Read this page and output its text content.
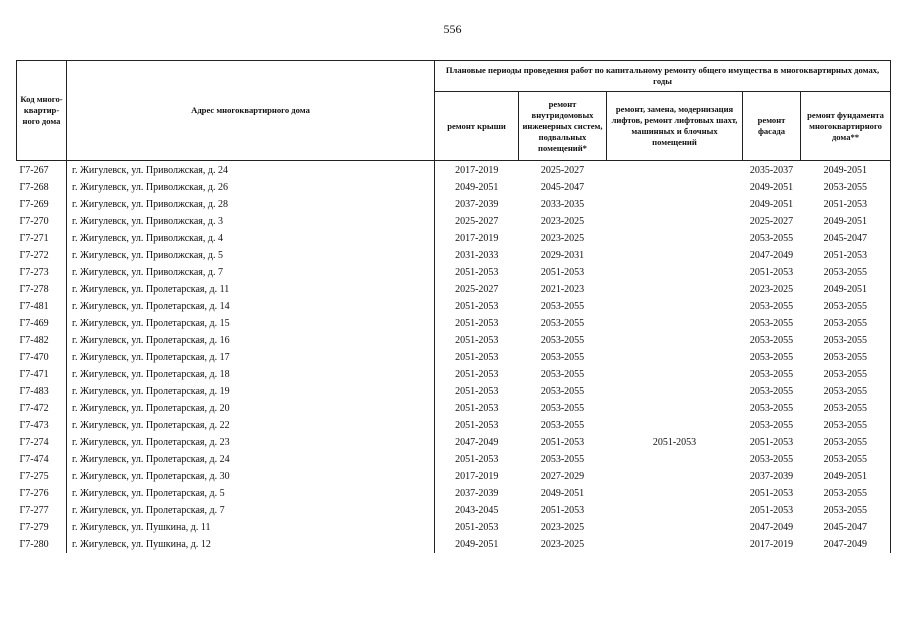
556
Код много-квартир-ного дома	Адрес многоквартирного дома	Плановые периоды проведения работ по капитальному ремонту общего имущества в многоквартирных домах, годы				
		ремонт крыши	ремонт внутридомовых инженерных систем, подвальных помещений*	ремонт, замена, модернизация лифтов, ремонт лифтовых шахт, машинных и блочных помещений	ремонт фасада	ремонт фундамента многоквартирного дома**
Г7-267	г. Жигулевск, ул. Приволжская, д. 24	2017-2019	2025-2027		2035-2037	2049-2051
Г7-268	г. Жигулевск, ул. Приволжская, д. 26	2049-2051	2045-2047		2049-2051	2053-2055
Г7-269	г. Жигулевск, ул. Приволжская, д. 28	2037-2039	2033-2035		2049-2051	2051-2053
Г7-270	г. Жигулевск, ул. Приволжская, д. 3	2025-2027	2023-2025		2025-2027	2049-2051
Г7-271	г. Жигулевск, ул. Приволжская, д. 4	2017-2019	2023-2025		2053-2055	2045-2047
Г7-272	г. Жигулевск, ул. Приволжская, д. 5	2031-2033	2029-2031		2047-2049	2051-2053
Г7-273	г. Жигулевск, ул. Приволжская, д. 7	2051-2053	2051-2053		2051-2053	2053-2055
Г7-278	г. Жигулевск, ул. Пролетарская, д. 11	2025-2027	2021-2023		2023-2025	2049-2051
Г7-481	г. Жигулевск, ул. Пролетарская, д. 14	2051-2053	2053-2055		2053-2055	2053-2055
Г7-469	г. Жигулевск, ул. Пролетарская, д. 15	2051-2053	2053-2055		2053-2055	2053-2055
Г7-482	г. Жигулевск, ул. Пролетарская, д. 16	2051-2053	2053-2055		2053-2055	2053-2055
Г7-470	г. Жигулевск, ул. Пролетарская, д. 17	2051-2053	2053-2055		2053-2055	2053-2055
Г7-471	г. Жигулевск, ул. Пролетарская, д. 18	2051-2053	2053-2055		2053-2055	2053-2055
Г7-483	г. Жигулевск, ул. Пролетарская, д. 19	2051-2053	2053-2055		2053-2055	2053-2055
Г7-472	г. Жигулевск, ул. Пролетарская, д. 20	2051-2053	2053-2055		2053-2055	2053-2055
Г7-473	г. Жигулевск, ул. Пролетарская, д. 22	2051-2053	2053-2055		2053-2055	2053-2055
Г7-274	г. Жигулевск, ул. Пролетарская, д. 23	2047-2049	2051-2053	2051-2053	2051-2053	2053-2055
Г7-474	г. Жигулевск, ул. Пролетарская, д. 24	2051-2053	2053-2055		2053-2055	2053-2055
Г7-275	г. Жигулевск, ул. Пролетарская, д. 30	2017-2019	2027-2029		2037-2039	2049-2051
Г7-276	г. Жигулевск, ул. Пролетарская, д. 5	2037-2039	2049-2051		2051-2053	2053-2055
Г7-277	г. Жигулевск, ул. Пролетарская, д. 7	2043-2045	2051-2053		2051-2053	2053-2055
Г7-279	г. Жигулевск, ул. Пушкина, д. 11	2051-2053	2023-2025		2047-2049	2045-2047
Г7-280	г. Жигулевск, ул. Пушкина, д. 12	2049-2051	2023-2025		2017-2019	2047-2049
